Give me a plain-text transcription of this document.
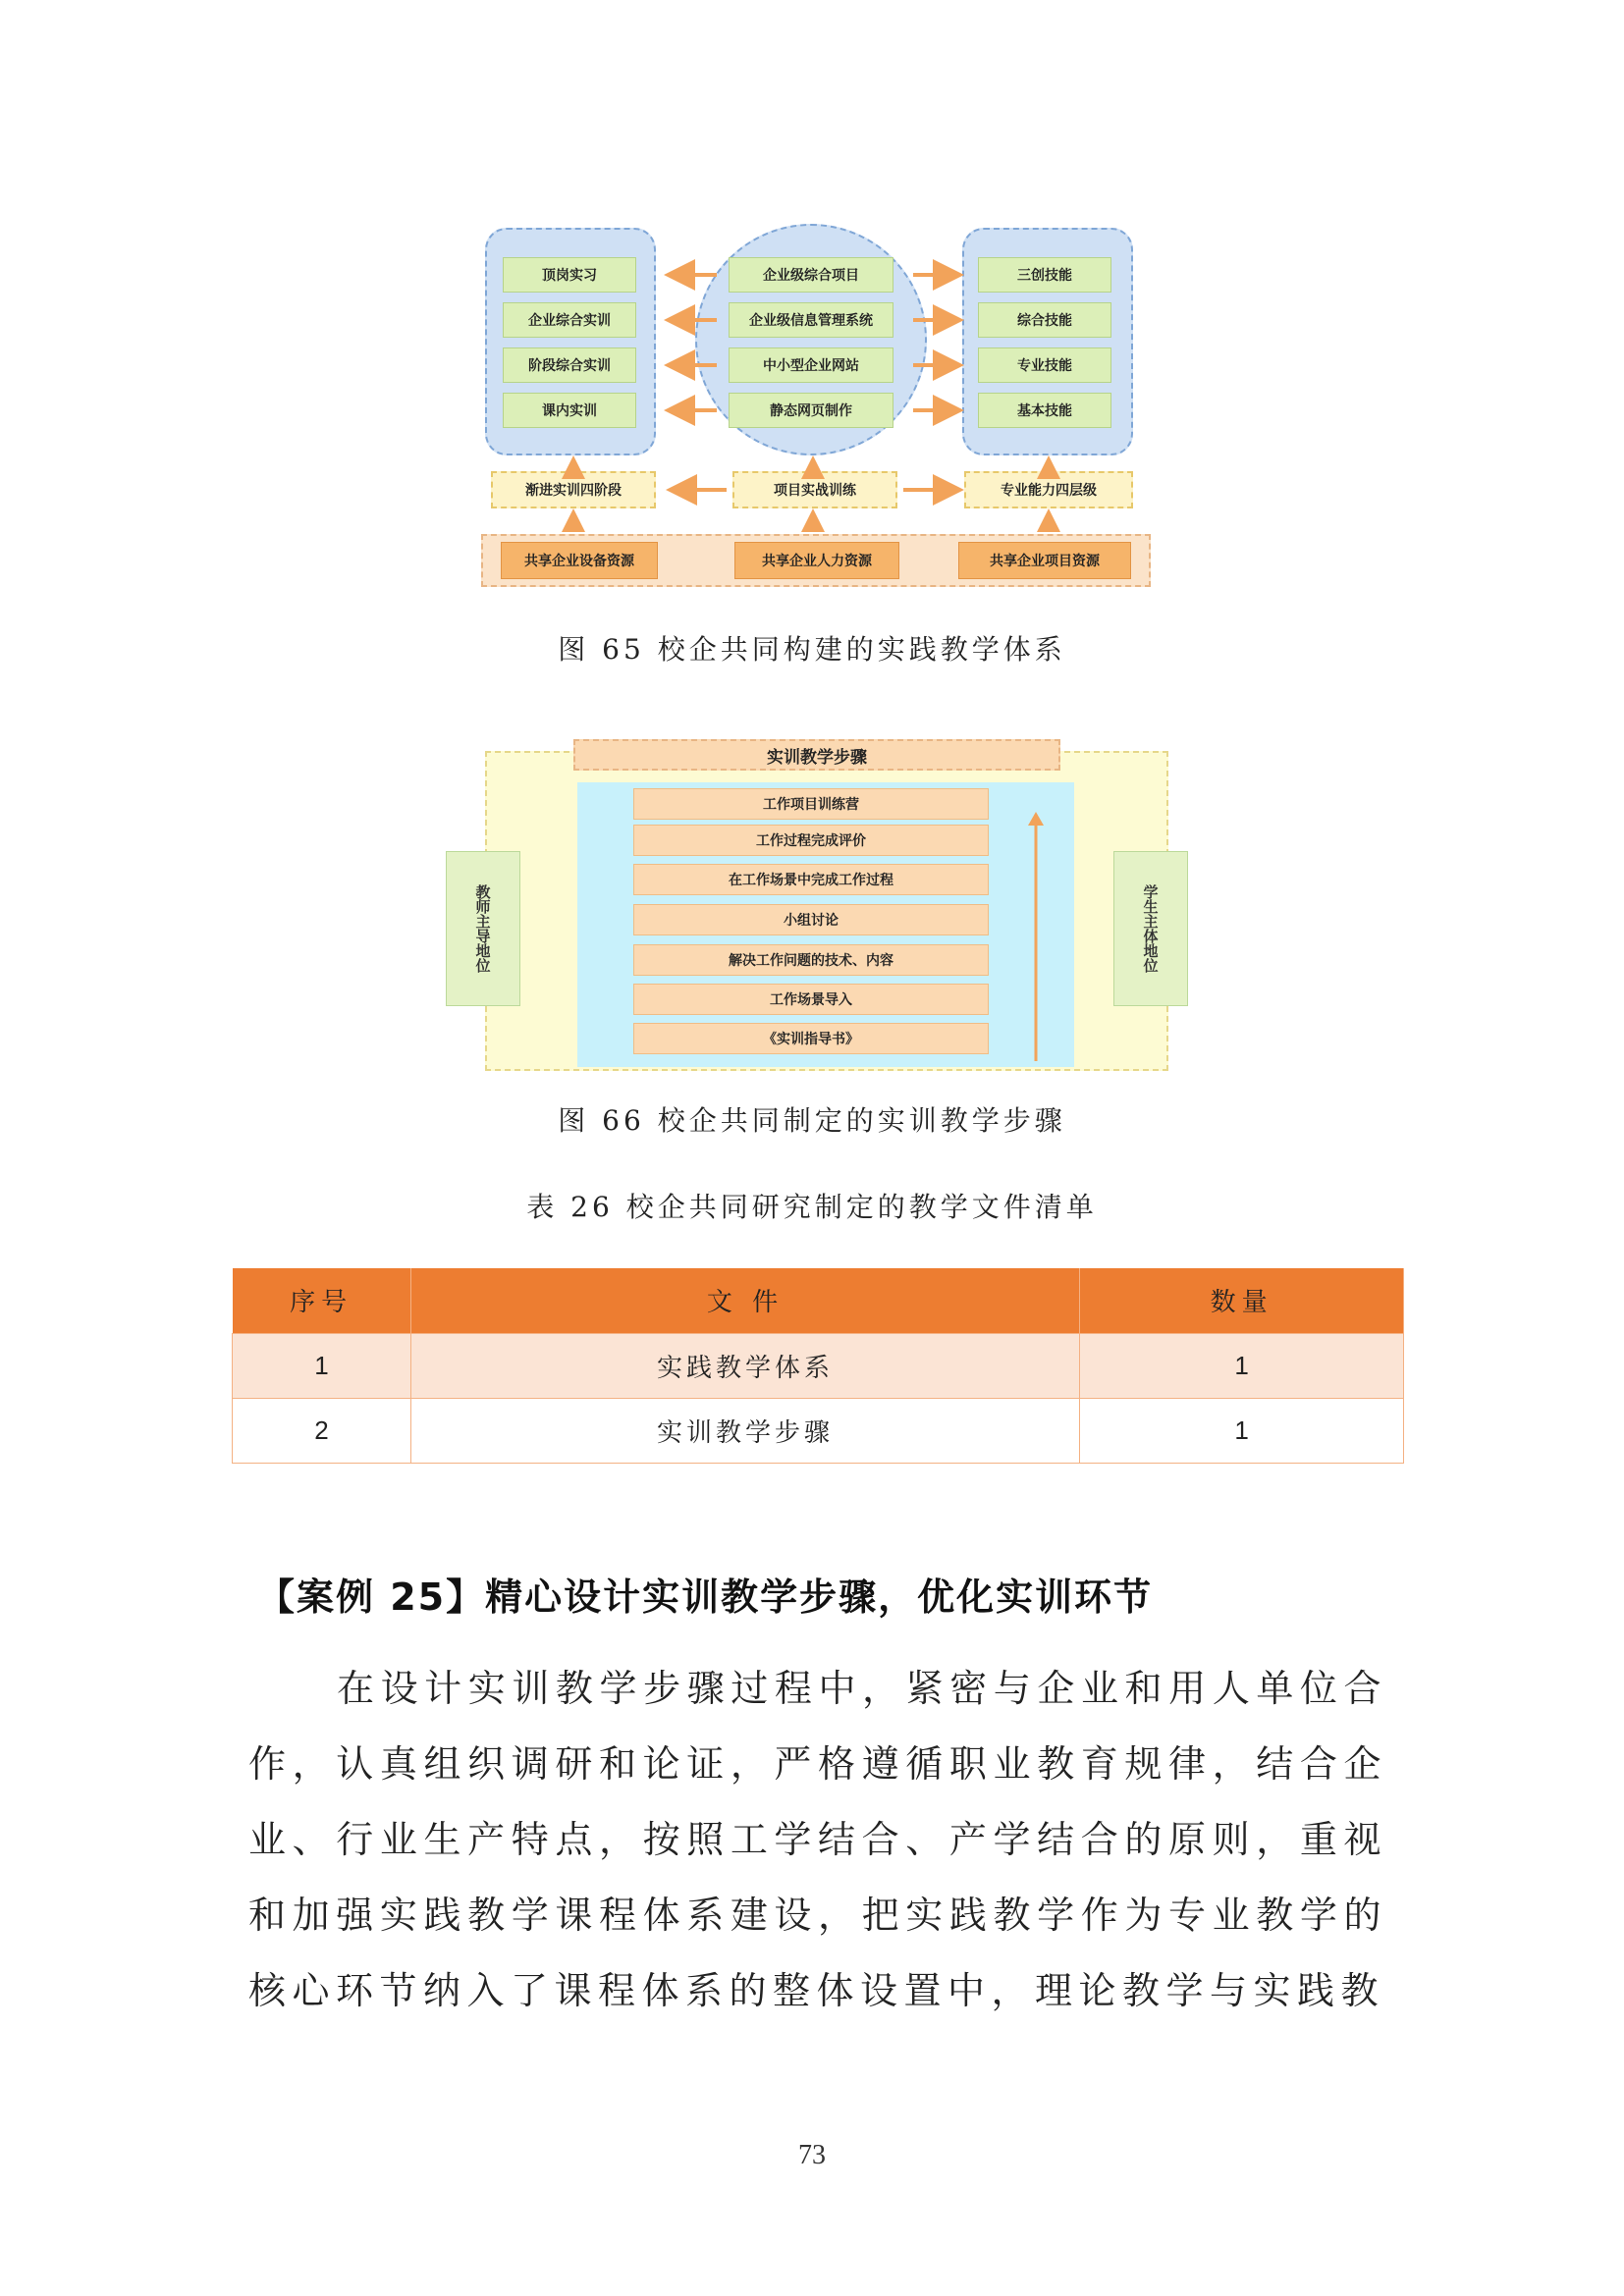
顶岗实习
企业综合实训
阶段综合实训
课内实训
企业级综合项目
企业级信息管理系统
中小型企业网站
静态网页制作
三创技能
综合技能
专业技能
基本技能
渐进实训四阶段	项目实战训练	专业能力四层级
共享企业设备资源	共享企业人力资源	共享企业项目资源
图 65 校企共同构建的实践教学体系
实训教学步骤
工作项目训练营
工作过程完成评价
在工作场景中完成工作过程
小组讨论
解决工作问题的技术、内容
工作场景导入
《实训指导书》
教师主导地位	学生主体地位
图 66 校企共同制定的实训教学步骤
表 26 校企共同研究制定的教学文件清单
序号	文 件	数量
1	实践教学体系	1
2	实训教学步骤	1
【案例 25】精心设计实训教学步骤，优化实训环节

在设计实训教学步骤过程中，紧密与企业和用人单位合作，认真组织调研和论证，严格遵循职业教育规律，结合企业、行业生产特点，按照工学结合、产学结合的原则，重视和加强实践教学课程体系建设，把实践教学作为专业教学的核心环节纳入了课程体系的整体设置中，理论教学与实践教

73
